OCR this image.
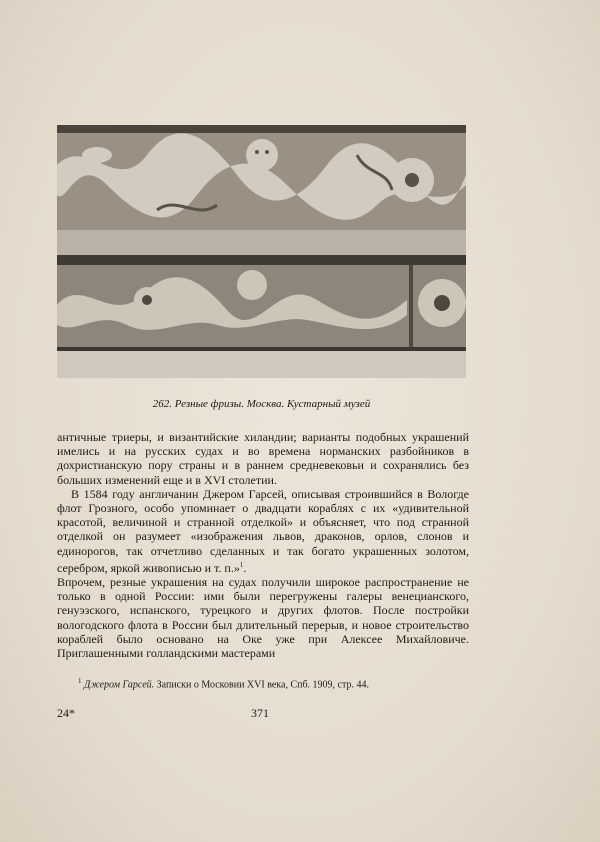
262. Резные фризы. Москва. Кустарный музей

античные триеры, и византийские хиландии; варианты подобных украшений имелись и на русских судах и во времена норманских разбойников в дохристианскую пору страны и в раннем средневековьи и сохранялись без больших изменений еще и в XVI столетии.

В 1584 году англичанин Джером Гарсей, описывая строившийся в Вологде флот Грозного, особо упоминает о двадцати кораблях с их «удивительной красотой, величиной и странной отделкой» и объясняет, что под странной отделкой он разумеет «изображения львов, драконов, орлов, слонов и единорогов, так отчетливо сделанных и так богато украшенных золотом, серебром, яркой живописью и т. п.»$^1$.

Впрочем, резные украшения на судах получили широкое распространение не только в одной России: ими были перегружены галеры венецианского, генуэзского, испанского, турецкого и других флотов. После постройки вологодского флота в России был длительный перерыв, и новое строительство кораблей было основано на Оке уже при Алексее Михайловиче. Приглашенными голландскими мастерами

$^1$ Джером Гарсей. Записки о Московии XVI века, Спб. 1909, стр. 44.
24*	371
